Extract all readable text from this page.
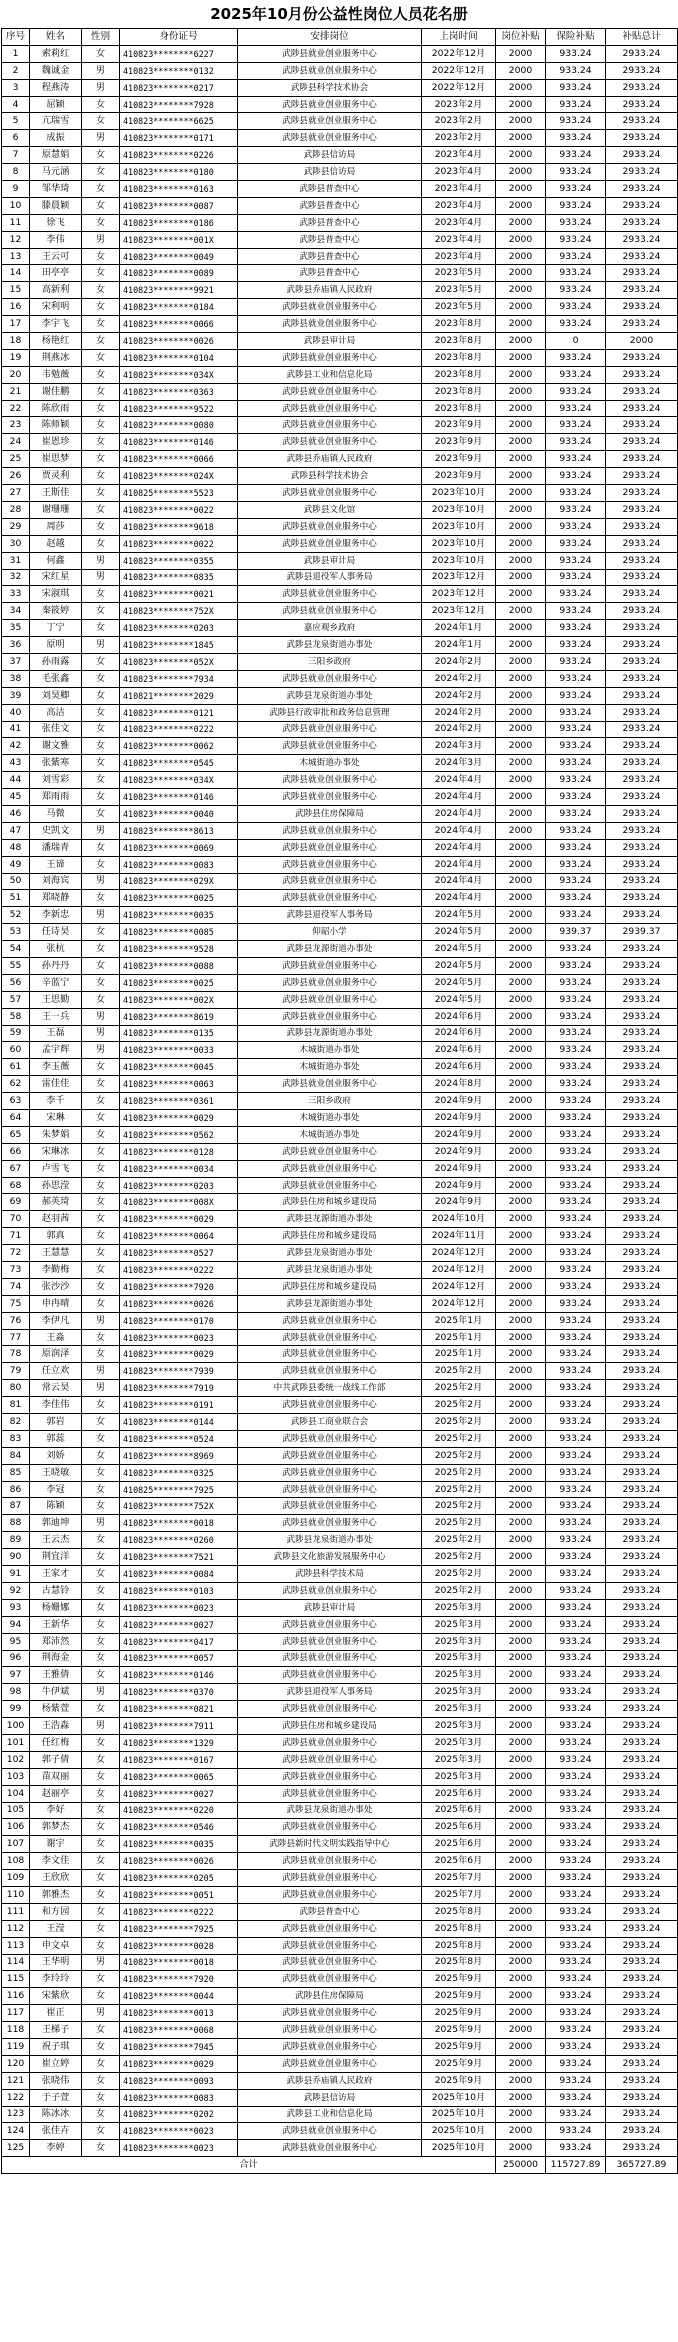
2025年10月份公益性岗位人员花名册
序号	姓名	性别	身份证号	安排岗位	上岗时间	岗位补贴	保险补贴	补贴总计
1	索莉红	女	410823********6227	武陟县就业创业服务中心	2022年12月	2000	933.24	2933.24
2	魏诚金	男	410823********0132	武陟县就业创业服务中心	2022年12月	2000	933.24	2933.24
3	程燕涛	男	410823********0217	武陟县科学技术协会	2022年12月	2000	933.24	2933.24
4	屈颖	女	410823********7928	武陟县就业创业服务中心	2023年2月	2000	933.24	2933.24
5	亢瑞雪	女	410823********6625	武陟县就业创业服务中心	2023年2月	2000	933.24	2933.24
6	成振	男	410823********0171	武陟县就业创业服务中心	2023年2月	2000	933.24	2933.24
7	原慧娟	女	410823********0226	武陟县信访局	2023年4月	2000	933.24	2933.24
8	马元涵	女	410823********0180	武陟县信访局	2023年4月	2000	933.24	2933.24
9	邹华琦	女	410823********0163	武陟县普查中心	2023年4月	2000	933.24	2933.24
10	滕晨颖	女	410823********0087	武陟县普查中心	2023年4月	2000	933.24	2933.24
11	徐飞	女	410823********0186	武陟县普查中心	2023年4月	2000	933.24	2933.24
12	李伟	男	410823********001X	武陟县普查中心	2023年4月	2000	933.24	2933.24
13	王云可	女	410823********0049	武陟县普查中心	2023年4月	2000	933.24	2933.24
14	田亭亭	女	410823********0089	武陟县普查中心	2023年5月	2000	933.24	2933.24
15	高新利	女	410823********9921	武陟县乔庙镇人民政府	2023年5月	2000	933.24	2933.24
16	宋利明	女	410823********0184	武陟县就业创业服务中心	2023年5月	2000	933.24	2933.24
17	李宇飞	女	410823********0066	武陟县就业创业服务中心	2023年8月	2000	933.24	2933.24
18	杨艳红	女	410823********0026	武陟县审计局	2023年8月	2000	0	2000
19	荆燕冰	女	410823********0104	武陟县就业创业服务中心	2023年8月	2000	933.24	2933.24
20	韦勉薇	女	410823********034X	武陟县工业和信息化局	2023年8月	2000	933.24	2933.24
21	谢佳鹏	女	410823********0363	武陟县就业创业服务中心	2023年8月	2000	933.24	2933.24
22	陈欣雨	女	410823********9522	武陟县就业创业服务中心	2023年8月	2000	933.24	2933.24
23	陈师颖	女	410823********0080	武陟县就业创业服务中心	2023年9月	2000	933.24	2933.24
24	崔恩珍	女	410823********0146	武陟县就业创业服务中心	2023年9月	2000	933.24	2933.24
25	崔思梦	女	410823********0066	武陟县乔庙镇人民政府	2023年9月	2000	933.24	2933.24
26	贾灵利	女	410823********024X	武陟县科学技术协会	2023年9月	2000	933.24	2933.24
27	王斯佳	女	410825********5523	武陟县就业创业服务中心	2023年10月	2000	933.24	2933.24
28	谢珊珊	女	410823********0022	武陟县文化馆	2023年10月	2000	933.24	2933.24
29	周莎	女	410823********9618	武陟县就业创业服务中心	2023年10月	2000	933.24	2933.24
30	赵越	女	410823********0022	武陟县就业创业服务中心	2023年10月	2000	933.24	2933.24
31	何鑫	男	410823********0355	武陟县审计局	2023年10月	2000	933.24	2933.24
32	宋红星	男	410823********0835	武陟县退役军人事务局	2023年12月	2000	933.24	2933.24
33	宋淑琪	女	410823********0021	武陟县就业创业服务中心	2023年12月	2000	933.24	2933.24
34	秦筱婷	女	410823********752X	武陟县就业创业服务中心	2023年12月	2000	933.24	2933.24
35	丁宁	女	410823********0203	嘉应观乡政府	2024年1月	2000	933.24	2933.24
36	原明	男	410823********1845	武陟县龙泉街道办事处	2024年1月	2000	933.24	2933.24
37	孙雨露	女	410823********052X	三阳乡政府	2024年2月	2000	933.24	2933.24
38	毛张鑫	女	410823********7934	武陟县就业创业服务中心	2024年2月	2000	933.24	2933.24
39	刘昊卿	女	410821********2029	武陟县龙泉街道办事处	2024年2月	2000	933.24	2933.24
40	高洁	女	410823********0121	武陟县行政审批和政务信息管理	2024年2月	2000	933.24	2933.24
41	张佳文	女	410823********0222	武陟县就业创业服务中心	2024年2月	2000	933.24	2933.24
42	谢文雅	女	410823********0062	武陟县就业创业服务中心	2024年3月	2000	933.24	2933.24
43	张紫寒	女	410823********0545	木城街道办事处	2024年3月	2000	933.24	2933.24
44	刘雪彩	女	410823********034X	武陟县就业创业服务中心	2024年4月	2000	933.24	2933.24
45	郑雨雨	女	410823********0146	武陟县就业创业服务中心	2024年4月	2000	933.24	2933.24
46	马微	女	410823********0040	武陟县住房保障局	2024年4月	2000	933.24	2933.24
47	史凯文	男	410823********8613	武陟县就业创业服务中心	2024年4月	2000	933.24	2933.24
48	潘瑞青	女	410823********0069	武陟县就业创业服务中心	2024年4月	2000	933.24	2933.24
49	王谛	女	410823********0083	武陟县就业创业服务中心	2024年4月	2000	933.24	2933.24
50	刘海宾	男	410823********029X	武陟县就业创业服务中心	2024年4月	2000	933.24	2933.24
51	郑晓静	女	410823********0025	武陟县就业创业服务中心	2024年4月	2000	933.24	2933.24
52	李新忠	男	410823********0035	武陟县退役军人事务局	2024年5月	2000	933.24	2933.24
53	任诗昊	女	410823********0085	仰韶小学	2024年5月	2000	939.37	2939.37
54	张杭	女	410823********9528	武陟县龙源街道办事处	2024年5月	2000	933.24	2933.24
55	孙丹丹	女	410823********0088	武陟县就业创业服务中心	2024年5月	2000	933.24	2933.24
56	辛蓝宁	女	410823********0025	武陟县就业创业服务中心	2024年5月	2000	933.24	2933.24
57	王思勤	女	410823********002X	武陟县就业创业服务中心	2024年5月	2000	933.24	2933.24
58	王一兵	男	410823********8619	武陟县就业创业服务中心	2024年6月	2000	933.24	2933.24
59	王磊	男	410823********0135	武陟县龙源街道办事处	2024年6月	2000	933.24	2933.24
60	孟宇辉	男	410823********0033	木城街道办事处	2024年6月	2000	933.24	2933.24
61	李玉薇	女	410823********0045	木城街道办事处	2024年6月	2000	933.24	2933.24
62	雷佳佳	女	410823********0063	武陟县就业创业服务中心	2024年8月	2000	933.24	2933.24
63	李千	女	410823********0361	三阳乡政府	2024年9月	2000	933.24	2933.24
64	宋琳	女	410823********0029	木城街道办事处	2024年9月	2000	933.24	2933.24
65	朱梦娟	女	410823********0562	木城街道办事处	2024年9月	2000	933.24	2933.24
66	宋琳冰	女	410823********0128	武陟县就业创业服务中心	2024年9月	2000	933.24	2933.24
67	卢雪飞	女	410823********0034	武陟县就业创业服务中心	2024年9月	2000	933.24	2933.24
68	孙思滢	女	410823********0203	武陟县就业创业服务中心	2024年9月	2000	933.24	2933.24
69	郝英琦	女	410823********008X	武陟县住房和城乡建设局	2024年9月	2000	933.24	2933.24
70	赵羽茜	女	410823********0029	武陟县龙源街道办事处	2024年10月	2000	933.24	2933.24
71	郭真	女	410823********0064	武陟县住房和城乡建设局	2024年11月	2000	933.24	2933.24
72	王慧慧	女	410823********0527	武陟县龙泉街道办事处	2024年12月	2000	933.24	2933.24
73	李勤梅	女	410823********0222	武陟县龙泉街道办事处	2024年12月	2000	933.24	2933.24
74	张沙沙	女	410823********7920	武陟县住房和城乡建设局	2024年12月	2000	933.24	2933.24
75	申冉晴	女	410823********0026	武陟县龙源街道办事处	2024年12月	2000	933.24	2933.24
76	李伊凡	男	410823********0170	武陟县就业创业服务中心	2025年1月	2000	933.24	2933.24
77	王淼	女	410823********0023	武陟县就业创业服务中心	2025年1月	2000	933.24	2933.24
78	原润泽	女	410823********0029	武陟县就业创业服务中心	2025年1月	2000	933.24	2933.24
79	任立欢	男	410823********7939	武陟县就业创业服务中心	2025年2月	2000	933.24	2933.24
80	常云昊	男	410823********7919	中共武陟县委统一战线工作部	2025年2月	2000	933.24	2933.24
81	李佳伟	女	410823********0191	武陟县就业创业服务中心	2025年2月	2000	933.24	2933.24
82	郭岩	女	410823********0144	武陟县工商业联合会	2025年2月	2000	933.24	2933.24
83	郭蕊	女	410823********0524	武陟县就业创业服务中心	2025年2月	2000	933.24	2933.24
84	刘娇	女	410823********8969	武陟县就业创业服务中心	2025年2月	2000	933.24	2933.24
85	王晓敏	女	410823********0325	武陟县就业创业服务中心	2025年2月	2000	933.24	2933.24
86	李冠	女	410825********7925	武陟县就业创业服务中心	2025年2月	2000	933.24	2933.24
87	陈颖	女	410823********752X	武陟县就业创业服务中心	2025年2月	2000	933.24	2933.24
88	郭迪坤	男	410823********0018	武陟县就业创业服务中心	2025年2月	2000	933.24	2933.24
89	王云杰	女	410823********0260	武陟县龙泉街道办事处	2025年2月	2000	933.24	2933.24
90	荆宜洋	女	410823********7521	武陟县文化旅游发展服务中心	2025年2月	2000	933.24	2933.24
91	王家才	女	410823********0084	武陟县科学技术局	2025年2月	2000	933.24	2933.24
92	古慧铃	女	410823********0103	武陟县就业创业服务中心	2025年2月	2000	933.24	2933.24
93	杨姗娜	女	410823********0023	武陟县审计局	2025年3月	2000	933.24	2933.24
94	王新华	女	410823********0027	武陟县就业创业服务中心	2025年3月	2000	933.24	2933.24
95	郑沛然	女	410823********0417	武陟县就业创业服务中心	2025年3月	2000	933.24	2933.24
96	荆海金	女	410823********0057	武陟县就业创业服务中心	2025年3月	2000	933.24	2933.24
97	王雅倩	女	410823********0146	武陟县就业创业服务中心	2025年3月	2000	933.24	2933.24
98	牛伊斌	男	410823********0370	武陟县退役军人事务局	2025年3月	2000	933.24	2933.24
99	杨紫萱	女	410823********0821	武陟县就业创业服务中心	2025年3月	2000	933.24	2933.24
100	王浩淼	男	410823********7911	武陟县住房和城乡建设局	2025年3月	2000	933.24	2933.24
101	任红梅	女	410823********1329	武陟县就业创业服务中心	2025年3月	2000	933.24	2933.24
102	郭子倩	女	410823********0167	武陟县就业创业服务中心	2025年3月	2000	933.24	2933.24
103	苗双丽	女	410823********0065	武陟县就业创业服务中心	2025年3月	2000	933.24	2933.24
104	赵丽亭	女	410823********0027	武陟县就业创业服务中心	2025年6月	2000	933.24	2933.24
105	李好	女	410823********0220	武陟县龙泉街道办事处	2025年6月	2000	933.24	2933.24
106	郭梦杰	女	410823********0546	武陟县就业创业服务中心	2025年6月	2000	933.24	2933.24
107	谢宇	女	410823********0035	武陟县新时代文明实践指导中心	2025年6月	2000	933.24	2933.24
108	李文佳	女	410823********0026	武陟县就业创业服务中心	2025年6月	2000	933.24	2933.24
109	王欣欣	女	410823********0205	武陟县就业创业服务中心	2025年7月	2000	933.24	2933.24
110	郭雅杰	女	410823********0051	武陟县就业创业服务中心	2025年7月	2000	933.24	2933.24
111	和方园	女	410823********0222	武陟县普查中心	2025年8月	2000	933.24	2933.24
112	王滢	女	410823********7925	武陟县就业创业服务中心	2025年8月	2000	933.24	2933.24
113	申文卓	女	410823********0028	武陟县就业创业服务中心	2025年8月	2000	933.24	2933.24
114	王华明	男	410823********0018	武陟县就业创业服务中心	2025年8月	2000	933.24	2933.24
115	李玲玲	女	410823********7920	武陟县就业创业服务中心	2025年9月	2000	933.24	2933.24
116	宋紫欣	女	410823********0044	武陟县住房保障局	2025年9月	2000	933.24	2933.24
117	崔正	男	410823********0013	武陟县就业创业服务中心	2025年9月	2000	933.24	2933.24
118	王梯子	女	410823********0068	武陟县就业创业服务中心	2025年9月	2000	933.24	2933.24
119	祝子琪	女	410823********7945	武陟县就业创业服务中心	2025年9月	2000	933.24	2933.24
120	崔立婷	女	410823********0029	武陟县就业创业服务中心	2025年9月	2000	933.24	2933.24
121	张晓伟	女	410823********0093	武陟县乔庙镇人民政府	2025年9月	2000	933.24	2933.24
122	于子萱	女	410823********0083	武陟县信访局	2025年10月	2000	933.24	2933.24
123	陈冰冰	女	410823********0202	武陟县工业和信息化局	2025年10月	2000	933.24	2933.24
124	张佳卉	女	410823********0023	武陟县就业创业服务中心	2025年10月	2000	933.24	2933.24
125	李婷	女	410823********0023	武陟县就业创业服务中心	2025年10月	2000	933.24	2933.24
合计						250000	115727.89	365727.89
